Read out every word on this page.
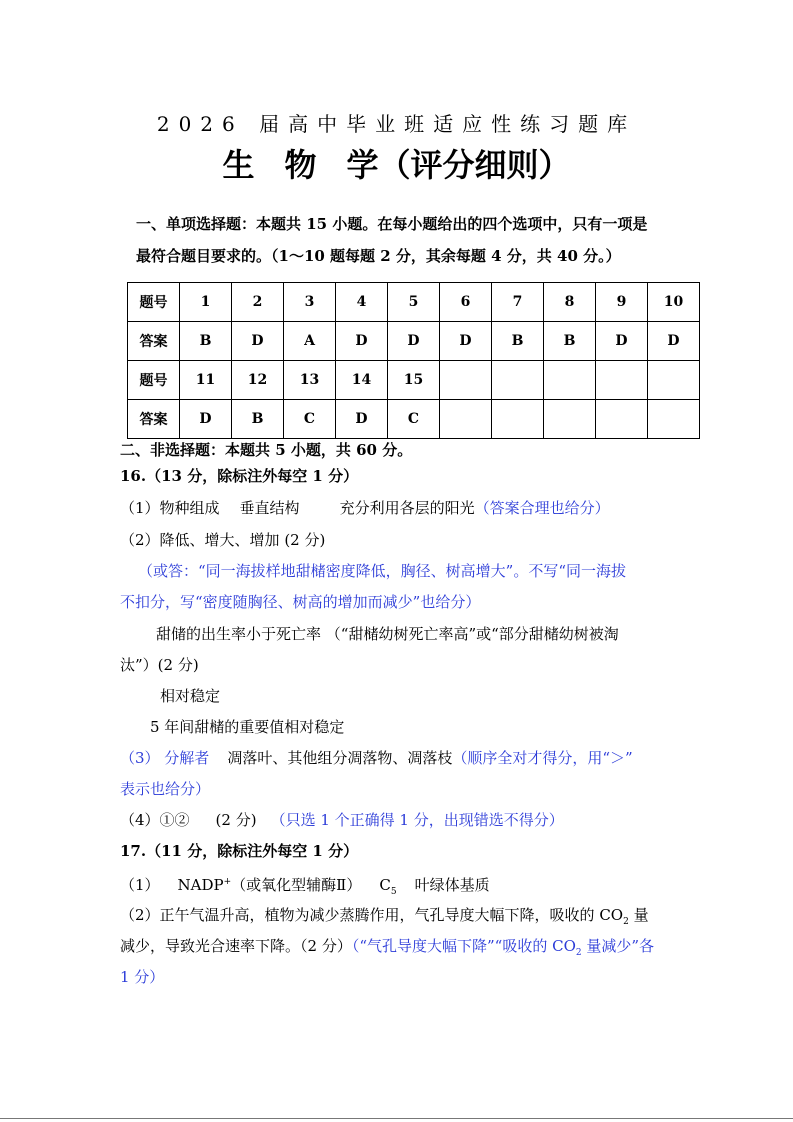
2026 届高中毕业班适应性练习题库
生 物 学（评分细则）
一、单项选择题：本题共 15 小题。在每小题给出的四个选项中，只有一项是
最符合题目要求的。（1～10 题每题 2 分，其余每题 4 分，共 40 分。）
题号	1	2	3	4	5	6	7	8	9	10
答案	B	D	A	D	D	D	B	B	D	D
题号	11	12	13	14	15					
答案	D	B	C	D	C					
二、非选择题：本题共 5 小题，共 60 分。
16.（13 分，除标注外每空 1 分）
（1）物种组成 垂直结构	充分利用各层的阳光（答案合理也给分）
（2）降低、增大、增加 (2 分)
（或答：“同一海拔样地甜槠密度降低，胸径、树高增大”。不写“同一海拔
不扣分，写“密度随胸径、树高的增加而减少”也给分）
甜储的出生率小于死亡率 （“甜槠幼树死亡率高”或“部分甜槠幼树被淘
汰”）(2 分)
相对稳定
5 年间甜槠的重要值相对稳定
（3） 分解者 凋落叶、其他组分凋落物、凋落枝（顺序全对才得分，用“＞”
表示也给分）
（4）①② (2 分) （只选 1 个正确得 1 分，出现错选不得分）
17.（11 分，除标注外每空 1 分）
（1） NADP+（或氧化型辅酶Ⅱ） $C_5$ 叶绿体基质
（2）正午气温升高，植物为减少蒸腾作用，气孔导度大幅下降，吸收的 $CO_2$ 量
减少，导致光合速率下降。（2 分）（“气孔导度大幅下降”“吸收的 $CO_2$ 量减少”各
1 分）
